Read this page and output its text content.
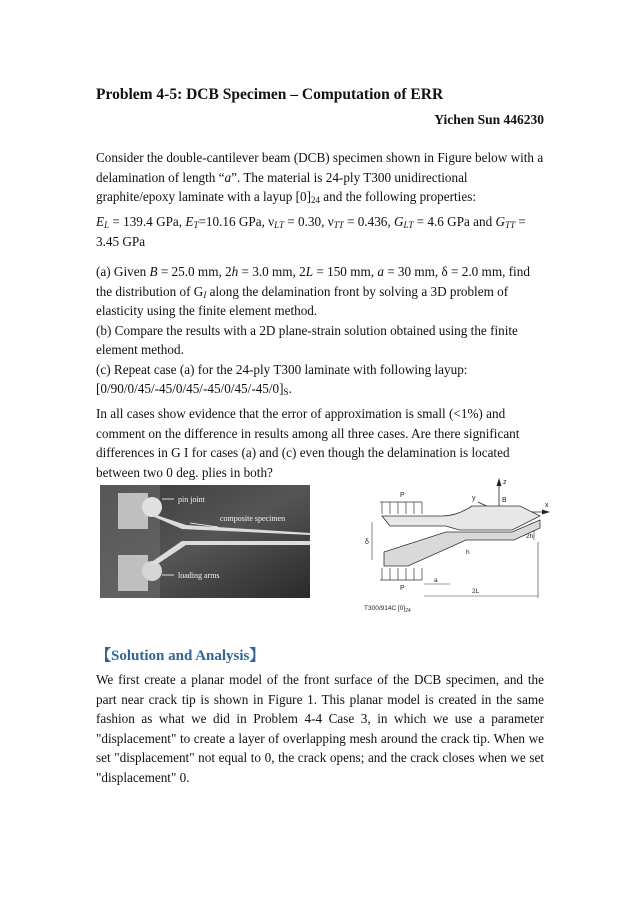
Problem 4-5: DCB Specimen – Computation of ERR
Yichen Sun 446230
Consider the double-cantilever beam (DCB) specimen shown in Figure below with a delamination of length “a”. The material is 24-ply T300 unidirectional graphite/epoxy laminate with a layup $[0]_{24}$ and the following properties:
$E_L = 139.4$ GPa, $E_T=10.16$ GPa, $\nu_{LT} = 0.30$, $\nu_{TT} = 0.436$, $G_{LT} = 4.6$ GPa and $G_{TT} = 3.45$ GPa
(a) Given B = 25.0 mm, 2h = 3.0 mm, 2L = 150 mm, a = 30 mm, δ = 2.0 mm, find the distribution of $G_I$ along the delamination front by solving a 3D problem of elasticity using the finite element method.
(b) Compare the results with a 2D plane-strain solution obtained using the finite element method.
(c) Repeat case (a) for the 24-ply T300 laminate with following layup: $[0/90/0/45/-45/0/45/-45/0/45/-45/0]_S$.
In all cases show evidence that the error of approximation is small (<1%) and comment on the difference in results among all three cases. Are there significant differences in G I for cases (a) and (c) even though the delamination is located between two 0 deg. plies in both?
pin joint
composite specimen
loading arms
z
x
y	B
P
P
δ
2h
h
a
2L
T300/914C $[0]_{24}$
【Solution and Analysis】
We first create a planar model of the front surface of the DCB specimen, and the part near crack tip is shown in Figure 1. This planar model is created in the same fashion as what we did in Problem 4-4 Case 3, in which we use a parameter "displacement" to create a layer of overlapping mesh around the crack tip. When we set "displacement" not equal to 0, the crack opens; and the crack closes when we set "displacement" 0.
